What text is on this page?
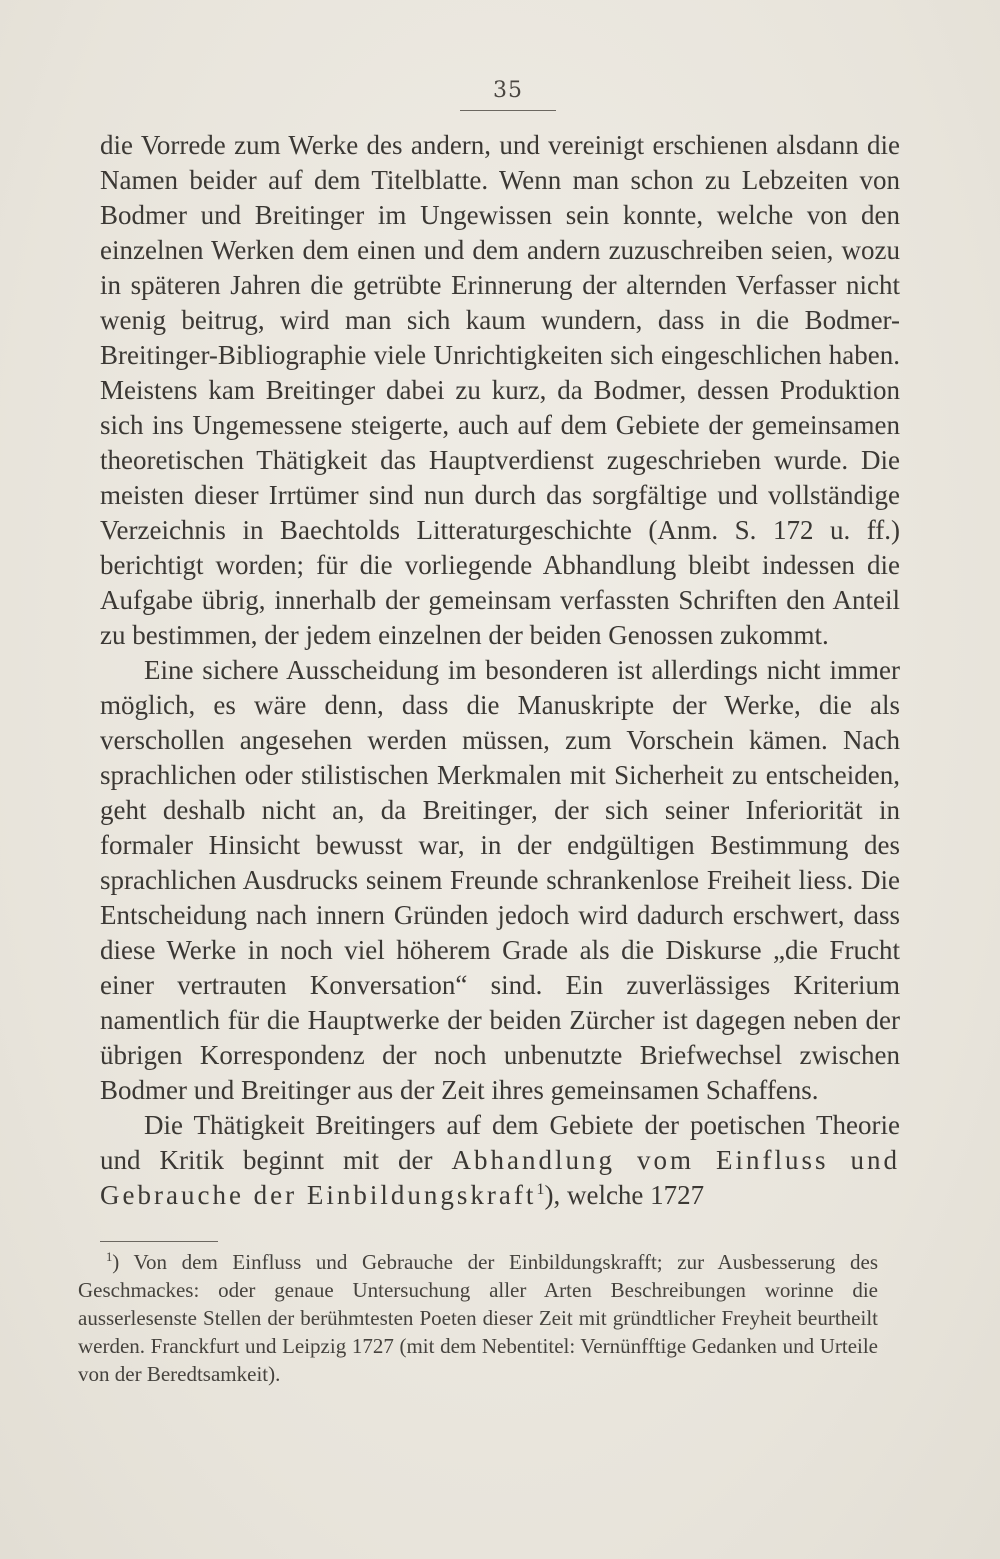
35

die Vorrede zum Werke des andern, und vereinigt erschienen alsdann die Namen beider auf dem Titelblatte. Wenn man schon zu Lebzeiten von Bodmer und Breitinger im Ungewissen sein konnte, welche von den einzelnen Werken dem einen und dem andern zuzuschreiben seien, wozu in späteren Jahren die getrübte Erinnerung der alternden Verfasser nicht wenig beitrug, wird man sich kaum wundern, dass in die Bodmer-Breitinger-Bibliographie viele Unrichtigkeiten sich eingeschlichen haben. Meistens kam Breitinger dabei zu kurz, da Bodmer, dessen Produktion sich ins Ungemessene steigerte, auch auf dem Gebiete der gemeinsamen theoretischen Thätigkeit das Hauptverdienst zugeschrieben wurde. Die meisten dieser Irrtümer sind nun durch das sorgfältige und vollständige Verzeichnis in Baechtolds Litteraturgeschichte (Anm. S. 172 u. ff.) berichtigt worden; für die vorliegende Abhandlung bleibt indessen die Aufgabe übrig, innerhalb der gemeinsam verfassten Schriften den Anteil zu bestimmen, der jedem einzelnen der beiden Genossen zukommt.

Eine sichere Ausscheidung im besonderen ist allerdings nicht immer möglich, es wäre denn, dass die Manuskripte der Werke, die als verschollen angesehen werden müssen, zum Vorschein kämen. Nach sprachlichen oder stilistischen Merkmalen mit Sicherheit zu entscheiden, geht deshalb nicht an, da Breitinger, der sich seiner Inferiorität in formaler Hinsicht bewusst war, in der endgültigen Bestimmung des sprachlichen Ausdrucks seinem Freunde schrankenlose Freiheit liess. Die Entscheidung nach innern Gründen jedoch wird dadurch erschwert, dass diese Werke in noch viel höherem Grade als die Diskurse „die Frucht einer vertrauten Konversation“ sind. Ein zuverlässiges Kriterium namentlich für die Hauptwerke der beiden Zürcher ist dagegen neben der übrigen Korrespondenz der noch unbenutzte Briefwechsel zwischen Bodmer und Breitinger aus der Zeit ihres gemeinsamen Schaffens.

Die Thätigkeit Breitingers auf dem Gebiete der poetischen Theorie und Kritik beginnt mit der Abhandlung vom Einfluss und Gebrauche der Einbildungskraft$^1$), welche 1727

$^1$) Von dem Einfluss und Gebrauche der Einbildungskrafft; zur Ausbesserung des Geschmackes: oder genaue Untersuchung aller Arten Beschreibungen worinne die ausserlesenste Stellen der berühmtesten Poeten dieser Zeit mit gründtlicher Freyheit beurtheilt werden. Franckfurt und Leipzig 1727 (mit dem Nebentitel: Vernünfftige Gedanken und Urteile von der Beredtsamkeit).
